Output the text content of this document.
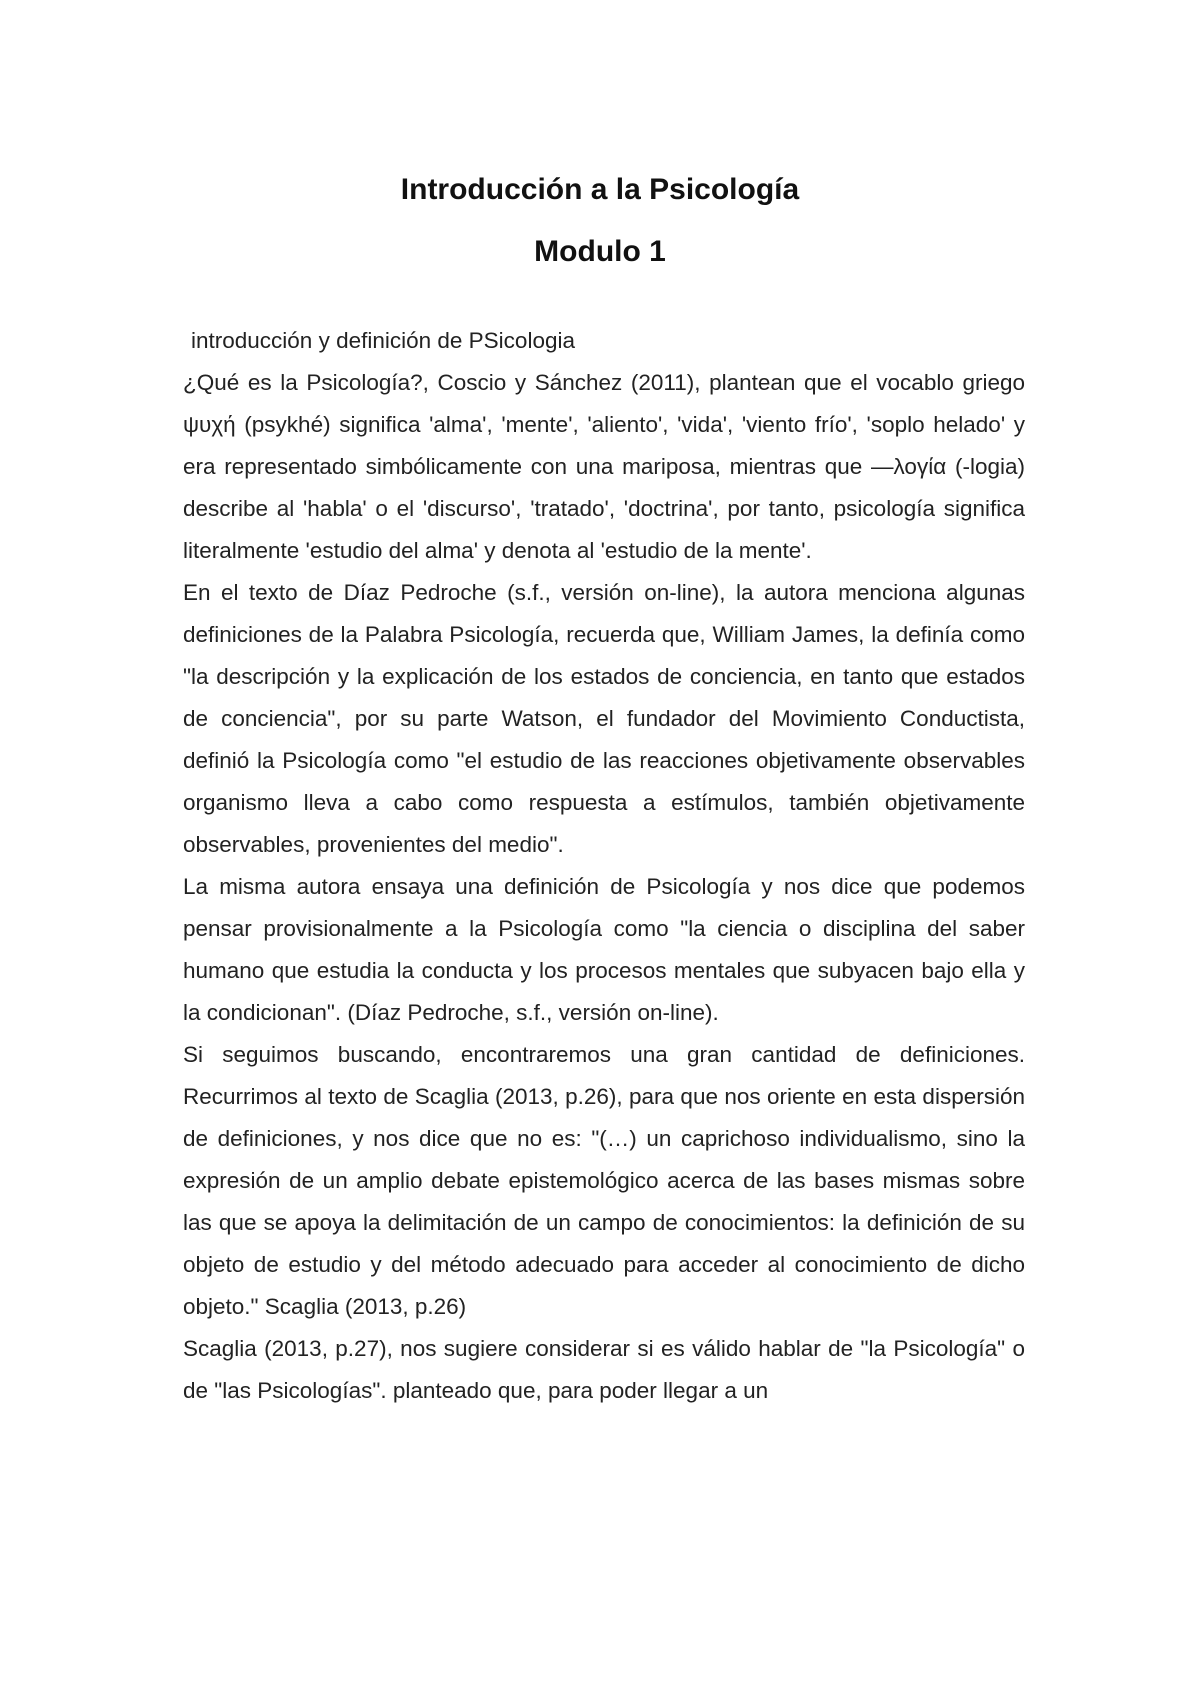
Introducción a la Psicología
Modulo 1

introducción y definición de PSicologia

¿Qué es la Psicología?, Coscio y Sánchez (2011), plantean que el vocablo griego ψυχή (psykhé) significa 'alma', 'mente', 'aliento', 'vida', 'viento frío', 'soplo helado' y era representado simbólicamente con una mariposa, mientras que —λογία (-logia) describe al 'habla' o el 'discurso', 'tratado', 'doctrina', por tanto, psicología significa literalmente 'estudio del alma' y denota al 'estudio de la mente'.

En el texto de Díaz Pedroche (s.f., versión on-line), la autora menciona algunas definiciones de la Palabra Psicología, recuerda que, William James, la definía como "la descripción y la explicación de los estados de conciencia, en tanto que estados de conciencia", por su parte Watson, el fundador del Movimiento Conductista, definió la Psicología como "el estudio de las reacciones objetivamente observables organismo lleva a cabo como respuesta a estímulos, también objetivamente observables, provenientes del medio".

La misma autora ensaya una definición de Psicología y nos dice que podemos pensar provisionalmente a la Psicología como "la ciencia o disciplina del saber humano que estudia la conducta y los procesos mentales que subyacen bajo ella y la condicionan". (Díaz Pedroche, s.f., versión on-line).

Si seguimos buscando, encontraremos una gran cantidad de definiciones. Recurrimos al texto de Scaglia (2013, p.26), para que nos oriente en esta dispersión de definiciones, y nos dice que no es: "(…) un caprichoso individualismo, sino la expresión de un amplio debate epistemológico acerca de las bases mismas sobre las que se apoya la delimitación de un campo de conocimientos: la definición de su objeto de estudio y del método adecuado para acceder al conocimiento de dicho objeto." Scaglia (2013, p.26)

Scaglia (2013, p.27), nos sugiere considerar si es válido hablar de "la Psicología" o de "las Psicologías". planteado que, para poder llegar a un
